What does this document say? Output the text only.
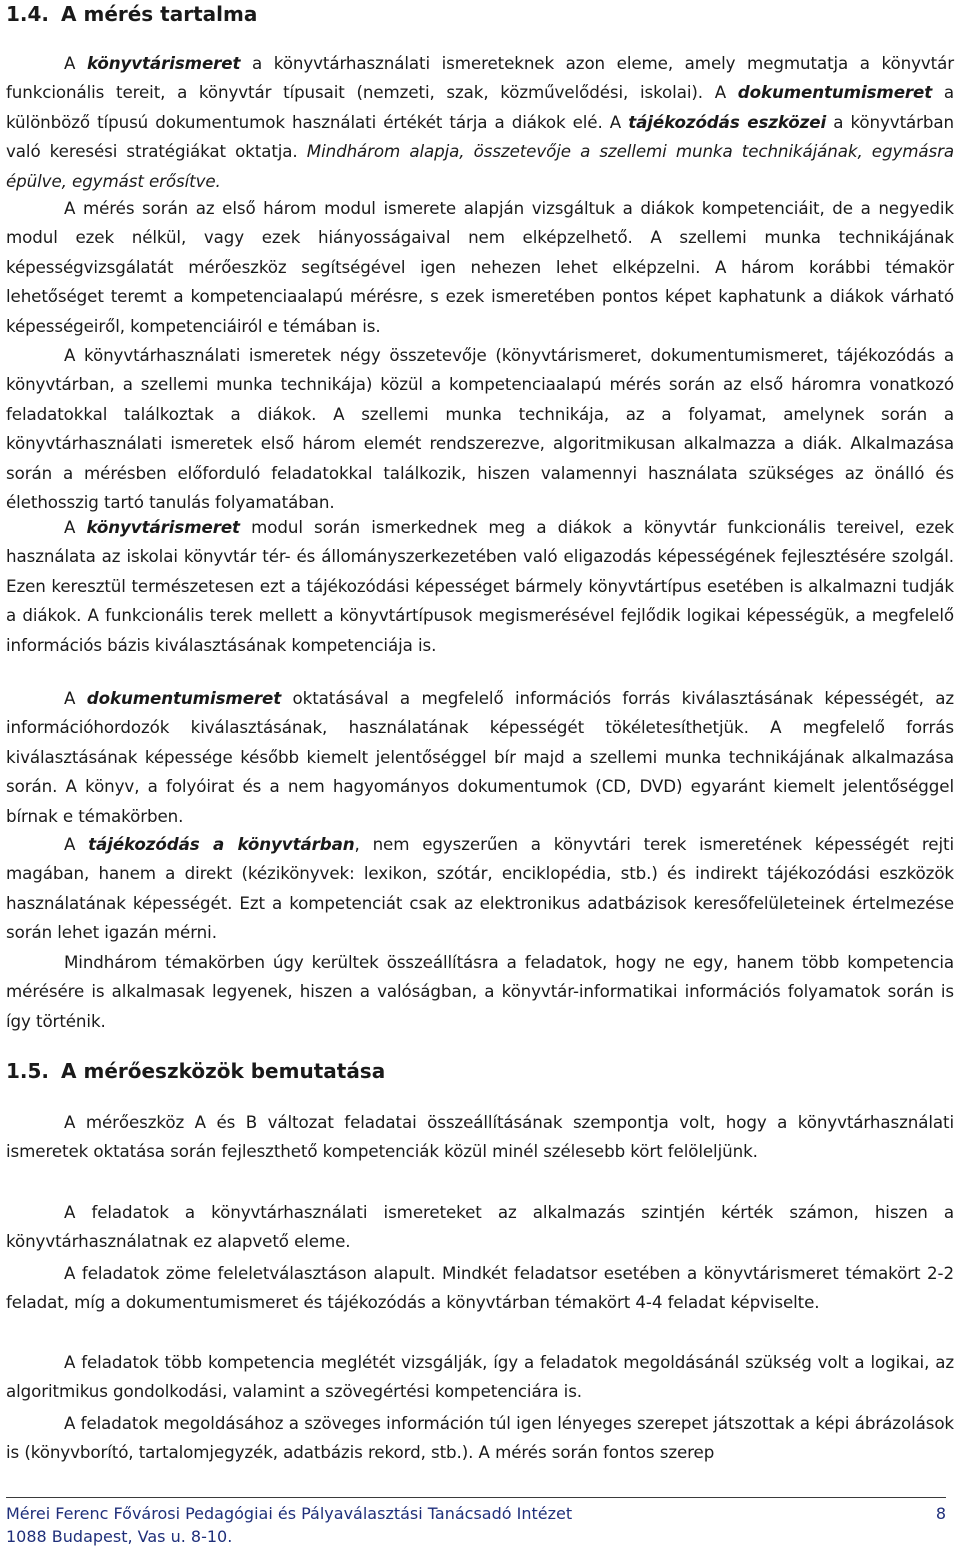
1.4. A mérés tartalma

A könyvtárismeret a könyvtárhasználati ismereteknek azon eleme, amely megmutatja a könyvtár funkcionális tereit, a könyvtár típusait (nemzeti, szak, közművelődési, iskolai). A dokumentumismeret a különböző típusú dokumentumok használati értékét tárja a diákok elé. A tájékozódás eszközei a könyvtárban való keresési stratégiákat oktatja. Mindhárom alapja, összetevője a szellemi munka technikájának, egymásra épülve, egymást erősítve.

A mérés során az első három modul ismerete alapján vizsgáltuk a diákok kompetenciáit, de a negyedik modul ezek nélkül, vagy ezek hiányosságaival nem elképzelhető. A szellemi munka technikájának képességvizsgálatát mérőeszköz segítségével igen nehezen lehet elképzelni. A három korábbi témakör lehetőséget teremt a kompetenciaalapú mérésre, s ezek ismeretében pontos képet kaphatunk a diákok várható képességeiről, kompetenciáiról e témában is.

A könyvtárhasználati ismeretek négy összetevője (könyvtárismeret, dokumentumismeret, tájékozódás a könyvtárban, a szellemi munka technikája) közül a kompetenciaalapú mérés során az első háromra vonatkozó feladatokkal találkoztak a diákok. A szellemi munka technikája, az a folyamat, amelynek során a könyvtárhasználati ismeretek első három elemét rendszerezve, algoritmikusan alkalmazza a diák. Alkalmazása során a mérésben előforduló feladatokkal találkozik, hiszen valamennyi használata szükséges az önálló és élethosszig tartó tanulás folyamatában.

A könyvtárismeret modul során ismerkednek meg a diákok a könyvtár funkcionális tereivel, ezek használata az iskolai könyvtár tér- és állományszerkezetében való eligazodás képességének fejlesztésére szolgál. Ezen keresztül természetesen ezt a tájékozódási képességet bármely könyvtártípus esetében is alkalmazni tudják a diákok. A funkcionális terek mellett a könyvtártípusok megismerésével fejlődik logikai képességük, a megfelelő információs bázis kiválasztásának kompetenciája is.

A dokumentumismeret oktatásával a megfelelő információs forrás kiválasztásának képességét, az információhordozók kiválasztásának, használatának képességét tökéletesíthetjük. A megfelelő forrás kiválasztásának képessége később kiemelt jelentőséggel bír majd a szellemi munka technikájának alkalmazása során. A könyv, a folyóirat és a nem hagyományos dokumentumok (CD, DVD) egyaránt kiemelt jelentőséggel bírnak e témakörben.

A tájékozódás a könyvtárban, nem egyszerűen a könyvtári terek ismeretének képességét rejti magában, hanem a direkt (kézikönyvek: lexikon, szótár, enciklopédia, stb.) és indirekt tájékozódási eszközök használatának képességét. Ezt a kompetenciát csak az elektronikus adatbázisok keresőfelületeinek értelmezése során lehet igazán mérni.

Mindhárom témakörben úgy kerültek összeállításra a feladatok, hogy ne egy, hanem több kompetencia mérésére is alkalmasak legyenek, hiszen a valóságban, a könyvtár-informatikai információs folyamatok során is így történik.

1.5. A mérőeszközök bemutatása

A mérőeszköz A és B változat feladatai összeállításának szempontja volt, hogy a könyvtárhasználati ismeretek oktatása során fejleszthető kompetenciák közül minél szélesebb kört felöleljünk.

A feladatok a könyvtárhasználati ismereteket az alkalmazás szintjén kérték számon, hiszen a könyvtárhasználatnak ez alapvető eleme.

A feladatok zöme feleletválasztáson alapult. Mindkét feladatsor esetében a könyvtárismeret témakört 2-2 feladat, míg a dokumentumismeret és tájékozódás a könyvtárban témakört 4-4 feladat képviselte.

A feladatok több kompetencia meglétét vizsgálják, így a feladatok megoldásánál szükség volt a logikai, az algoritmikus gondolkodási, valamint a szövegértési kompetenciára is.

A feladatok megoldásához a szöveges információn túl igen lényeges szerepet játszottak a képi ábrázolások is (könyvborító, tartalomjegyzék, adatbázis rekord, stb.). A mérés során fontos szerep

Mérei Ferenc Fővárosi Pedagógiai és Pályaválasztási Tanácsadó Intézet
1088 Budapest, Vas u. 8-10.
8
